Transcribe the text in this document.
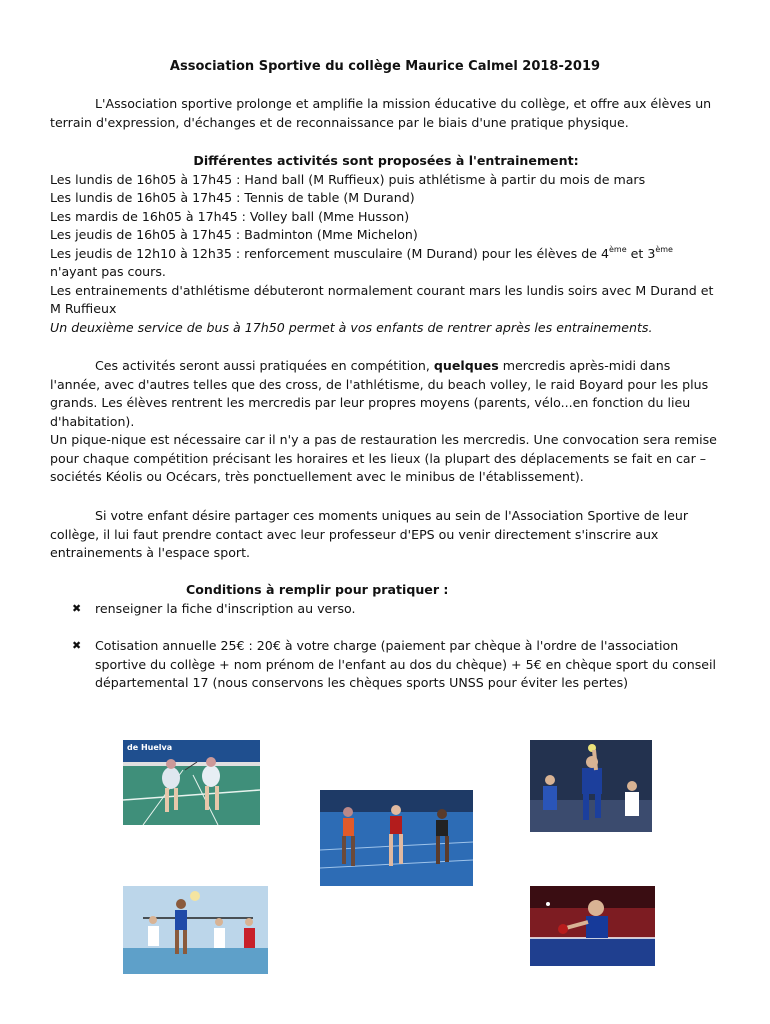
Association Sportive du collège Maurice Calmel 2018-2019
L'Association sportive prolonge et amplifie la mission éducative du collège, et offre aux élèves un terrain d'expression, d'échanges et de reconnaissance par le biais d'une pratique physique.
Différentes activités sont proposées à l'entrainement:

Les lundis de 16h05 à 17h45 : Hand ball (M Ruffieux) puis athlétisme à partir du mois de mars

Les lundis de 16h05 à 17h45 : Tennis de table (M Durand)

Les mardis de 16h05 à 17h45 : Volley ball (Mme Husson)

Les jeudis de 16h05 à 17h45 : Badminton (Mme Michelon)

Les jeudis de 12h10 à 12h35 : renforcement musculaire (M Durand) pour les élèves de 4ème et 3ème n'ayant pas cours.

Les entrainements d'athlétisme débuteront normalement courant mars les lundis soirs avec M Durand et M Ruffieux

Un deuxième service de bus à 17h50 permet à vos enfants de rentrer après les entrainements.

Ces activités seront aussi pratiquées en compétition, quelques mercredis après-midi dans l'année, avec d'autres telles que des cross, de l'athlétisme, du beach volley, le raid Boyard pour les plus grands. Les élèves rentrent les mercredis par leur propres moyens (parents, vélo...en fonction du lieu d'habitation).

Un pique-nique est nécessaire car il n'y a pas de restauration les mercredis. Une convocation sera remise pour chaque compétition précisant les horaires et les lieux (la plupart des déplacements se fait en car – sociétés Kéolis ou Océcars, très ponctuellement avec le minibus de l'établissement).

Si votre enfant désire partager ces moments uniques au sein de l'Association Sportive de leur collège, il lui faut prendre contact avec leur professeur d'EPS ou venir directement s'inscrire aux entrainements à l'espace sport.
Conditions à remplir pour pratiquer :
✖ renseigner la fiche d'inscription au verso.
✖ Cotisation annuelle 25€ : 20€ à votre charge (paiement par chèque à l'ordre de l'association sportive du collège + nom prénom de l'enfant au dos du chèque) + 5€ en chèque sport du conseil départemental 17 (nous conservons les chèques sports UNSS pour éviter les pertes)
de Huelva
